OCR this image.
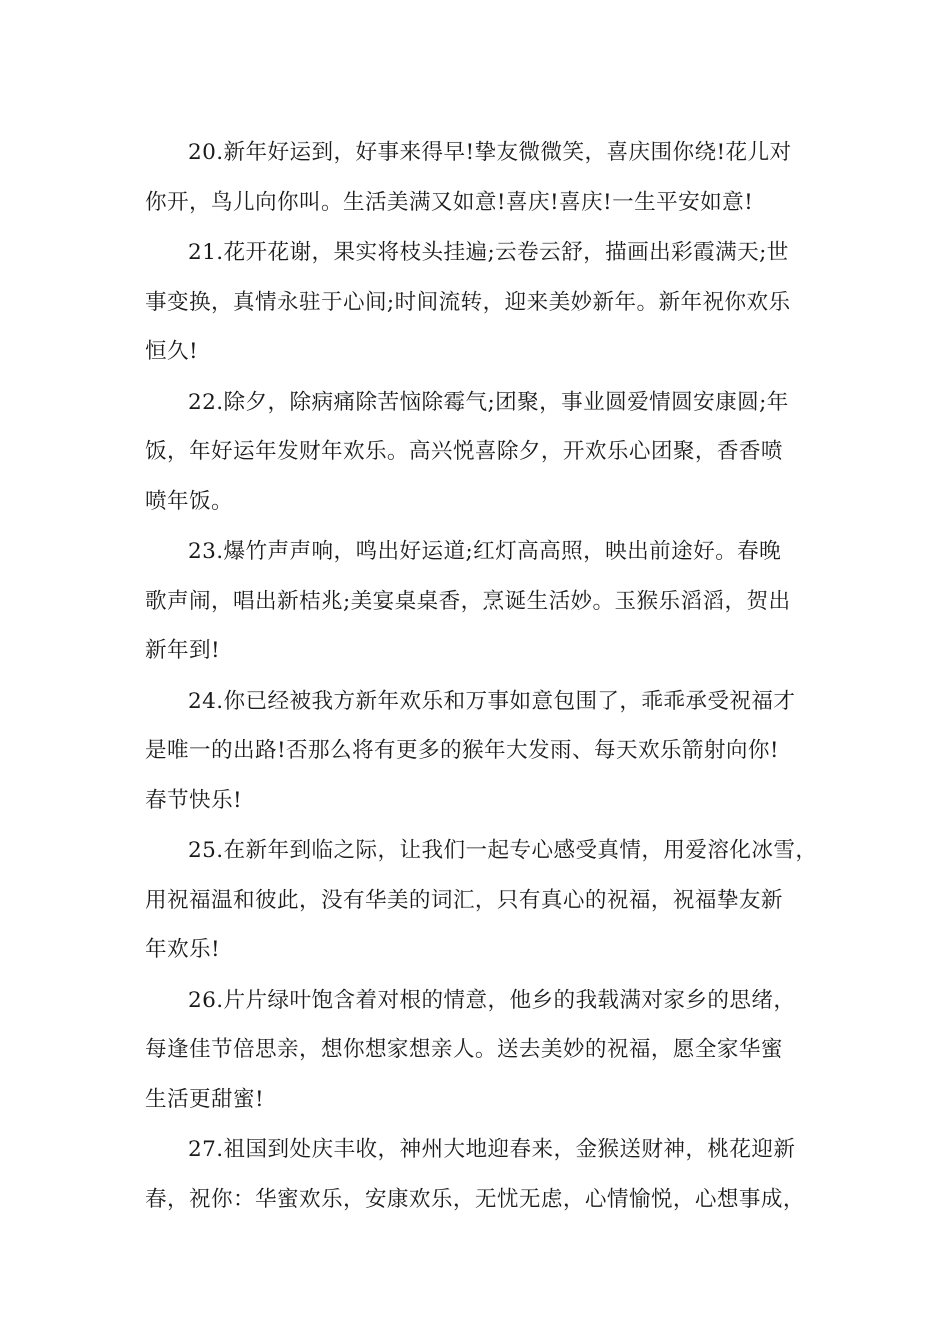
20.新年好运到，好事来得早!挚友微微笑，喜庆围你绕!花儿对
你开，鸟儿向你叫。生活美满又如意!喜庆!喜庆!一生平安如意!

21.花开花谢，果实将枝头挂遍;云卷云舒，描画出彩霞满天;世
事变换，真情永驻于心间;时间流转，迎来美妙新年。新年祝你欢乐
恒久!

22.除夕，除病痛除苦恼除霉气;团聚，事业圆爱情圆安康圆;年
饭，年好运年发财年欢乐。高兴悦喜除夕，开欢乐心团聚，香香喷
喷年饭。

23.爆竹声声响，鸣出好运道;红灯高高照，映出前途好。春晚
歌声闹，唱出新桔兆;美宴桌桌香，烹诞生活妙。玉猴乐滔滔，贺出
新年到!

24.你已经被我方新年欢乐和万事如意包围了，乖乖承受祝福才
是唯一的出路!否那么将有更多的猴年大发雨、每天欢乐箭射向你!
春节快乐!

25.在新年到临之际，让我们一起专心感受真情，用爱溶化冰雪，
用祝福温和彼此，没有华美的词汇，只有真心的祝福，祝福挚友新
年欢乐!

26.片片绿叶饱含着对根的情意，他乡的我载满对家乡的思绪，
每逢佳节倍思亲，想你想家想亲人。送去美妙的祝福，愿全家华蜜
生活更甜蜜!

27.祖国到处庆丰收，神州大地迎春来，金猴送财神，桃花迎新
春，祝你：华蜜欢乐，安康欢乐，无忧无虑，心情愉悦，心想事成，
